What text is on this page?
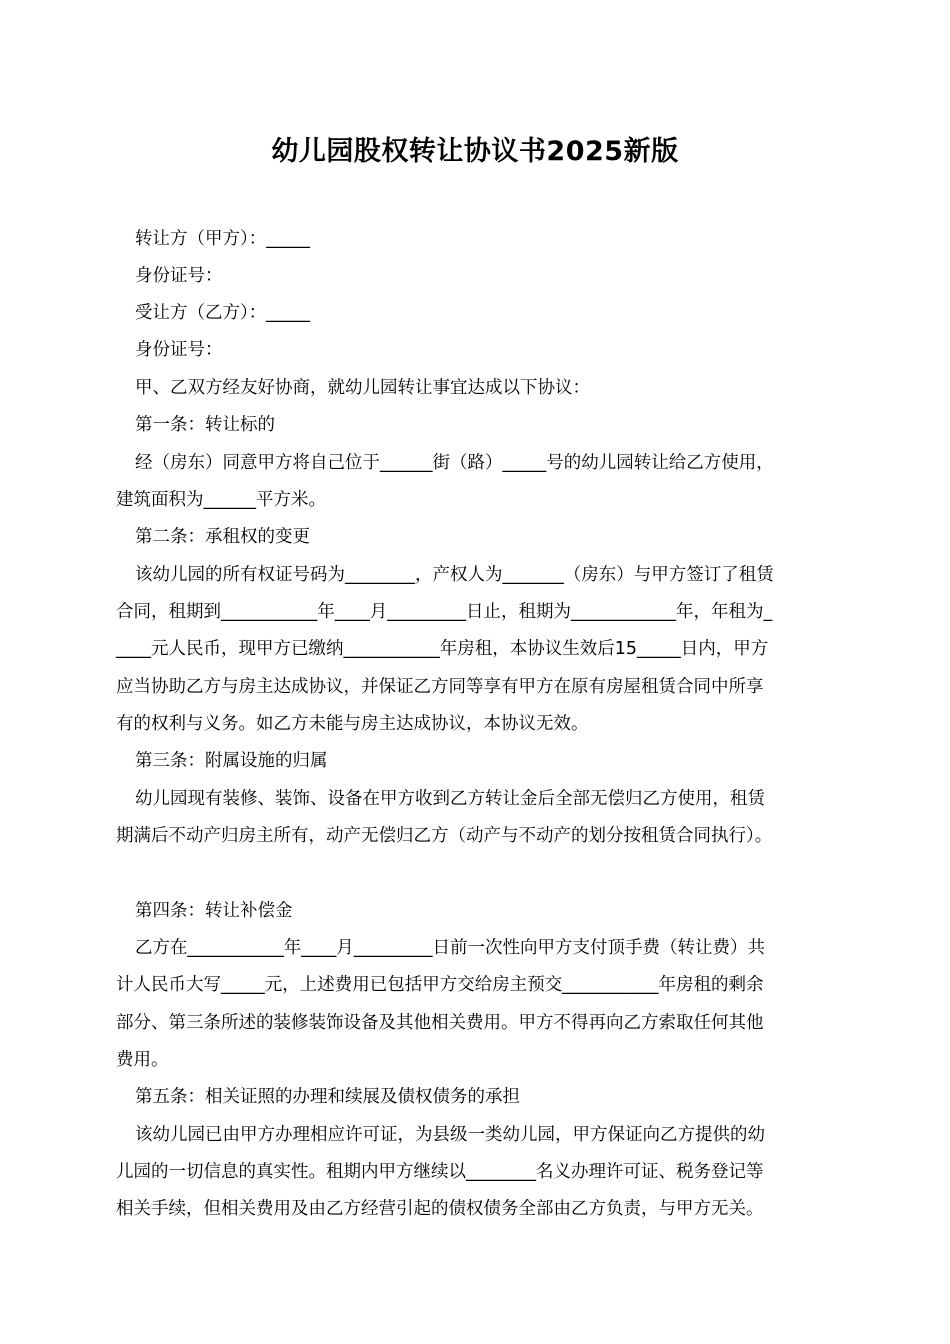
幼儿园股权转让协议书2025新版
转让方（甲方）：_____
身份证号：
受让方（乙方）：_____
身份证号：
甲、乙双方经友好协商，就幼儿园转让事宜达成以下协议：
第一条：转让标的
经（房东）同意甲方将自己位于______街（路）_____号的幼儿园转让给乙方使用，
建筑面积为______平方米。
第二条：承租权的变更
该幼儿园的所有权证号码为________，产权人为_______（房东）与甲方签订了租赁
合同，租期到___________年____月_________日止，租期为____________年，年租为_
____元人民币，现甲方已缴纳___________年房租，本协议生效后15_____日内，甲方
应当协助乙方与房主达成协议，并保证乙方同等享有甲方在原有房屋租赁合同中所享
有的权利与义务。如乙方未能与房主达成协议，本协议无效。
第三条：附属设施的归属
幼儿园现有装修、装饰、设备在甲方收到乙方转让金后全部无偿归乙方使用，租赁
期满后不动产归房主所有，动产无偿归乙方（动产与不动产的划分按租赁合同执行）。
第四条：转让补偿金
乙方在___________年____月_________日前一次性向甲方支付顶手费（转让费）共
计人民币大写_____元，上述费用已包括甲方交给房主预交___________年房租的剩余
部分、第三条所述的装修装饰设备及其他相关费用。甲方不得再向乙方索取任何其他
费用。
第五条：相关证照的办理和续展及债权债务的承担
该幼儿园已由甲方办理相应许可证，为县级一类幼儿园，甲方保证向乙方提供的幼
儿园的一切信息的真实性。租期内甲方继续以________名义办理许可证、税务登记等
相关手续，但相关费用及由乙方经营引起的债权债务全部由乙方负责，与甲方无关。
